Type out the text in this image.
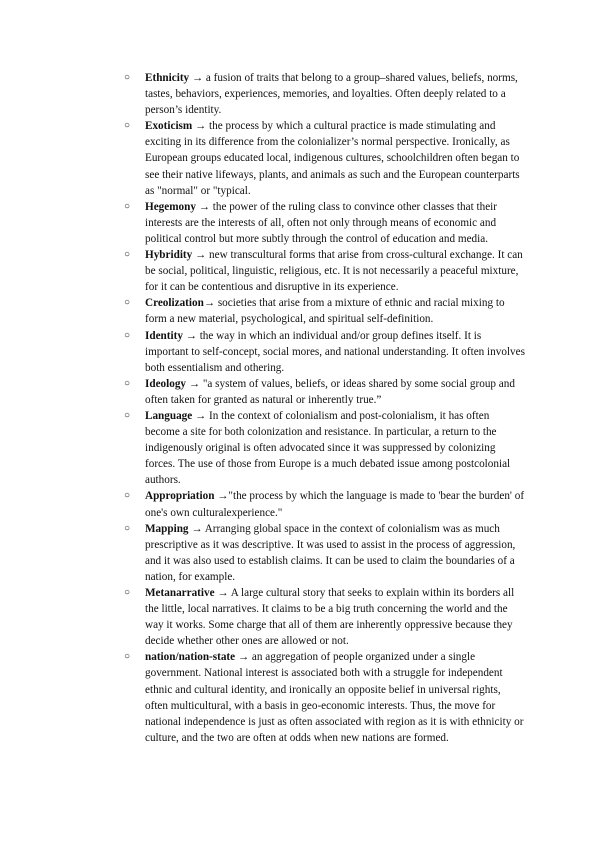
○ Ethnicity → a fusion of traits that belong to a group–shared values, beliefs, norms, tastes, behaviors, experiences, memories, and loyalties. Often deeply related to a person’s identity.
○ Exoticism → the process by which a cultural practice is made stimulating and exciting in its difference from the colonializer’s normal perspective. Ironically, as European groups educated local, indigenous cultures, schoolchildren often began to see their native lifeways, plants, and animals as such and the European counterparts as "normal" or "typical.
○ Hegemony → the power of the ruling class to convince other classes that their interests are the interests of all, often not only through means of economic and political control but more subtly through the control of education and media.
○ Hybridity → new transcultural forms that arise from cross-cultural exchange. It can be social, political, linguistic, religious, etc. It is not necessarily a peaceful mixture, for it can be contentious and disruptive in its experience.
○ Creolization→ societies that arise from a mixture of ethnic and racial mixing to form a new material, psychological, and spiritual self-definition.
○ Identity → the way in which an individual and/or group defines itself. It is important to self-concept, social mores, and national understanding. It often involves both essentialism and othering.
○ Ideology → "a system of values, beliefs, or ideas shared by some social group and often taken for granted as natural or inherently true.”
○ Language → In the context of colonialism and post-colonialism, it has often become a site for both colonization and resistance. In particular, a return to the indigenously original is often advocated since it was suppressed by colonizing forces. The use of those from Europe is a much debated issue among postcolonial authors.
○ Appropriation →"the process by which the language is made to 'bear the burden' of one's own culturalexperience."
○ Mapping → Arranging global space in the context of colonialism was as much prescriptive as it was descriptive. It was used to assist in the process of aggression, and it was also used to establish claims. It can be used to claim the boundaries of a nation, for example.
○ Metanarrative → A large cultural story that seeks to explain within its borders all the little, local narratives. It claims to be a big truth concerning the world and the way it works. Some charge that all of them are inherently oppressive because they decide whether other ones are allowed or not.
○ nation/nation-state → an aggregation of people organized under a single government. National interest is associated both with a struggle for independent ethnic and cultural identity, and ironically an opposite belief in universal rights, often multicultural, with a basis in geo-economic interests. Thus, the move for national independence is just as often associated with region as it is with ethnicity or culture, and the two are often at odds when new nations are formed.
